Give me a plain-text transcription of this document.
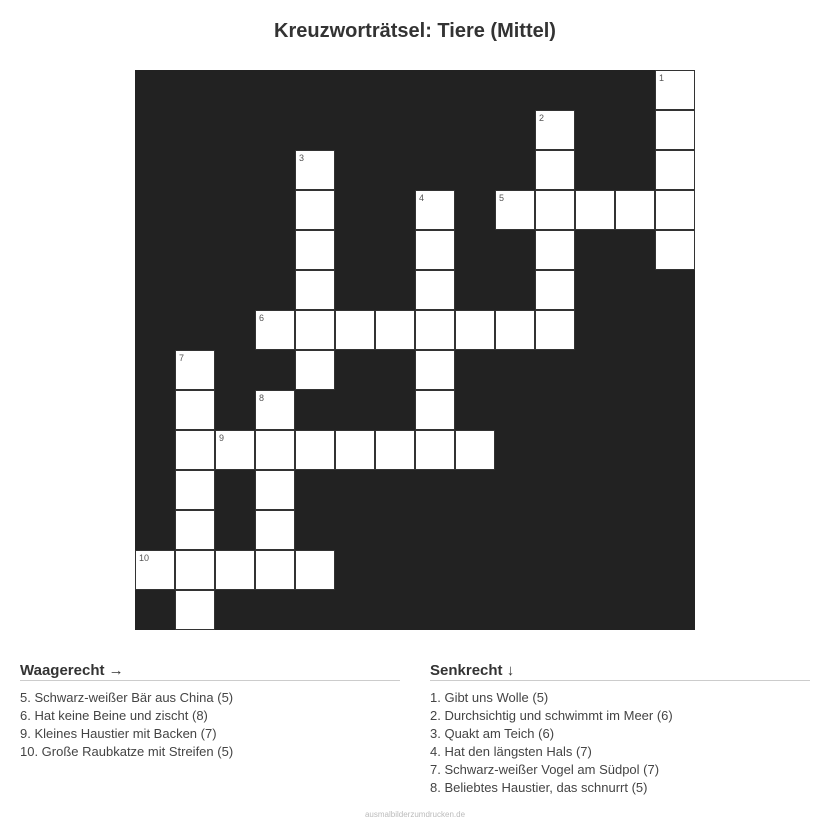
Kreuzworträtsel: Tiere (Mittel)
1
2
3
4	5
6
7
8
9
10
Waagerecht →
5. Schwarz-weißer Bär aus China (5)
6. Hat keine Beine und zischt (8)
9. Kleines Haustier mit Backen (7)
10. Große Raubkatze mit Streifen (5)
Senkrecht ↓
1. Gibt uns Wolle (5)
2. Durchsichtig und schwimmt im Meer (6)
3. Quakt am Teich (6)
4. Hat den längsten Hals (7)
7. Schwarz-weißer Vogel am Südpol (7)
8. Beliebtes Haustier, das schnurrt (5)
ausmalbilderzumdrucken.de
